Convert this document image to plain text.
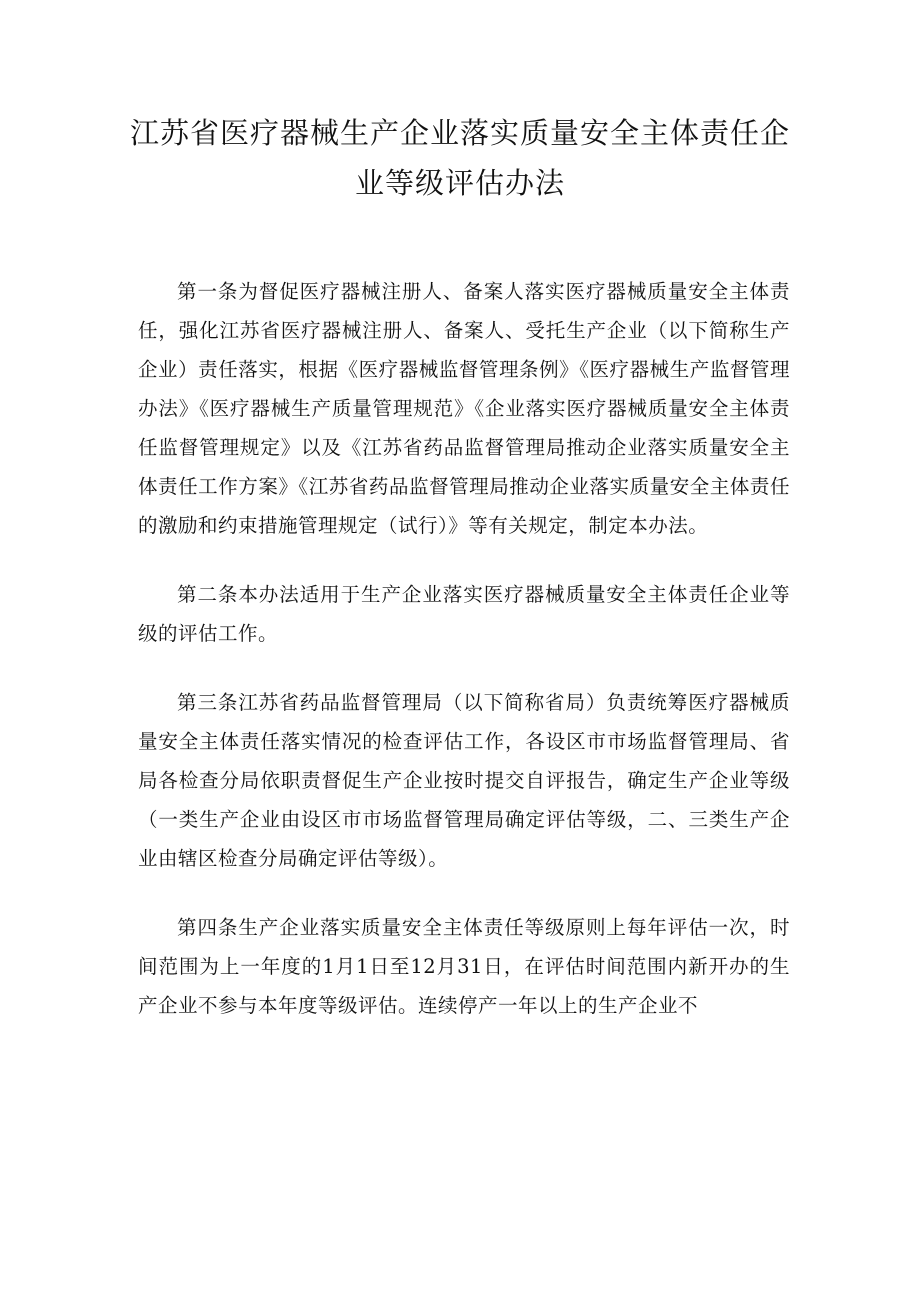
江苏省医疗器械生产企业落实质量安全主体责任企
业等级评估办法

第一条为督促医疗器械注册人、备案人落实医疗器械质量安全主体责任，强化江苏省医疗器械注册人、备案人、受托生产企业（以下简称生产企业）责任落实，根据《医疗器械监督管理条例》《医疗器械生产监督管理办法》《医疗器械生产质量管理规范》《企业落实医疗器械质量安全主体责任监督管理规定》以及《江苏省药品监督管理局推动企业落实质量安全主体责任工作方案》《江苏省药品监督管理局推动企业落实质量安全主体责任的激励和约束措施管理规定（试行）》等有关规定，制定本办法。

第二条本办法适用于生产企业落实医疗器械质量安全主体责任企业等级的评估工作。

第三条江苏省药品监督管理局（以下简称省局）负责统筹医疗器械质量安全主体责任落实情况的检查评估工作，各设区市市场监督管理局、省局各检查分局依职责督促生产企业按时提交自评报告，确定生产企业等级（一类生产企业由设区市市场监督管理局确定评估等级，二、三类生产企业由辖区检查分局确定评估等级）。

第四条生产企业落实质量安全主体责任等级原则上每年评估一次，时间范围为上一年度的1月1日至12月31日，在评估时间范围内新开办的生产企业不参与本年度等级评估。连续停产一年以上的生产企业不
